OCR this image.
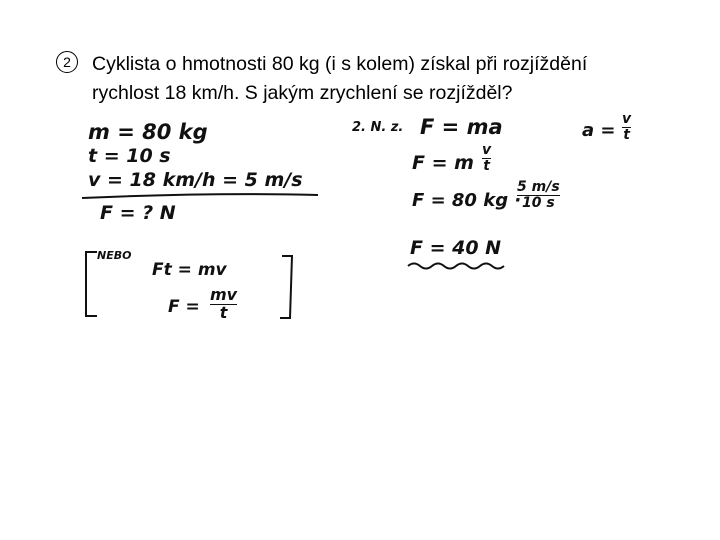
2	Cyklista o hmotnosti 80 kg (i s kolem) získal při rozjíždění
rychlost 18 km/h. S jakým zrychlení se rozjížděl?
m = 80 kg
t = 10 s
v = 18 km/h = 5 m/s
F = ? N
NEBO
Ft = mv
F =
mv
t
2. N. z. F = ma	a =
v
t
F = m
v
t
F = 80 kg ·
5 m/s
10 s
F = 40 N
